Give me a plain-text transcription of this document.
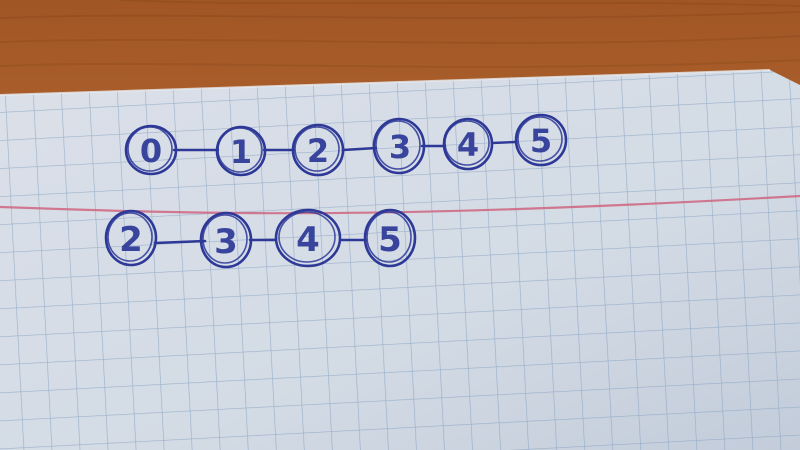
0 1 2 3 4 5
2 3 4 5
